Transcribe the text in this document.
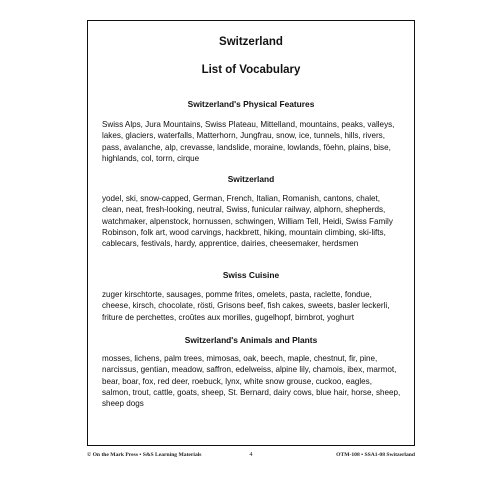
Switzerland
List of Vocabulary
Switzerland's Physical Features

Swiss Alps, Jura Mountains, Swiss Plateau, Mittelland, mountains, peaks, valleys, lakes, glaciers, waterfalls, Matterhorn, Jungfrau, snow, ice, tunnels, hills, rivers, pass, avalanche, alp, crevasse, landslide, moraine, lowlands, föehn, plains, bise, highlands, col, torrn, cirque

Switzerland

yodel, ski, snow-capped, German, French, Italian, Romanish, cantons, chalet, clean, neat, fresh-looking, neutral, Swiss, funicular railway, alphorn, shepherds, watchmaker, alpenstock, hornussen, schwingen, William Tell, Heidi, Swiss Family Robinson, folk art, wood carvings, hackbrett, hiking, mountain climbing, ski-lifts, cablecars, festivals, hardy, apprentice, dairies, cheesemaker, herdsmen

Swiss Cuisine

zuger kirschtorte, sausages, pomme frites, omelets, pasta, raclette, fondue, cheese, kirsch, chocolate, rösti, Grisons beef, fish cakes, sweets, basler leckerli, friture de perchettes, croûtes aux morilles, gugelhopf, birnbrot, yoghurt

Switzerland's Animals and Plants

mosses, lichens, palm trees, mimosas, oak, beech, maple, chestnut, fir, pine, narcissus, gentian, meadow, saffron, edelweiss, alpine lily, chamois, ibex, marmot, bear, boar, fox, red deer, roebuck, lynx, white snow grouse, cuckoo, eagles, salmon, trout, cattle, goats, sheep, St. Bernard, dairy cows, blue hair, horse, sheep, sheep dogs

© On the Mark Press • S&S Learning Materials	4	OTM-108 • SSA1-08 Switzerland
